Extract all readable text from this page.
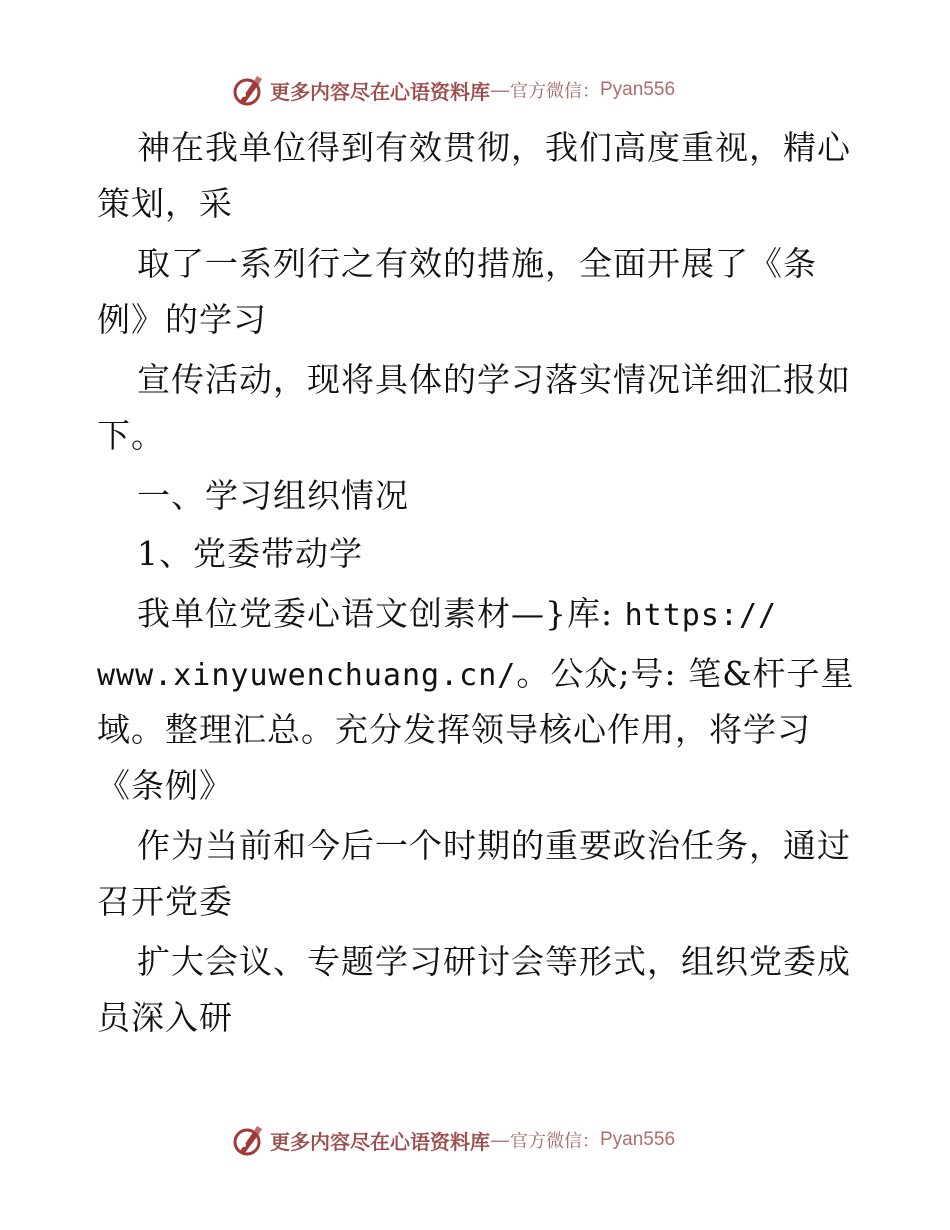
更多内容尽在心语资料库 — 官方微信： Pyan556
神在我单位得到有效贯彻，我们高度重视，精心
策划，采
取了一系列行之有效的措施，全面开展了《条
例》的学习
宣传活动，现将具体的学习落实情况详细汇报如
下。
一、学习组织情况
1、党委带动学
我单位党委心语文创素材—}库: https://
www.xinyuwenchuang.cn/。公众;号: 笔&杆子星
域。整理汇总。充分发挥领导核心作用，将学习
《条例》
作为当前和今后一个时期的重要政治任务，通过
召开党委
扩大会议、专题学习研讨会等形式，组织党委成
员深入研
更多内容尽在心语资料库 — 官方微信： Pyan556
